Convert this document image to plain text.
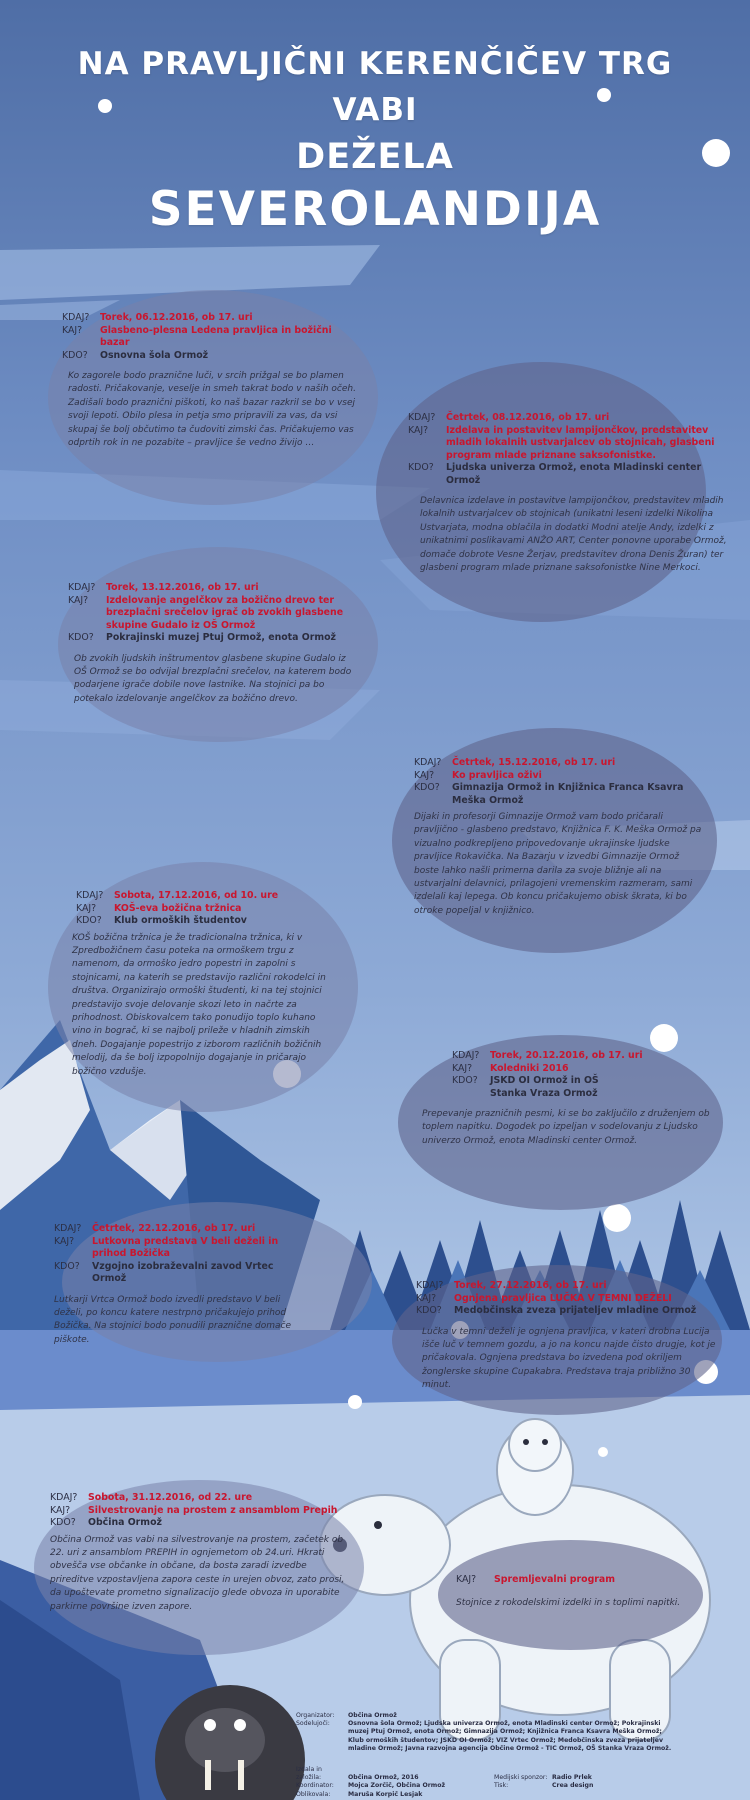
NA PRAVLJIČNI KERENČIČEV TRG
VABI
DEŽELA
SEVEROLANDIJA
KDAJ?	Torek, 06.12.2016, ob 17. uri
KAJ?	Glasbeno-plesna Ledena pravljica in božični bazar
KDO?	Osnovna šola Ormož
Ko zagorele bodo praznične luči, v srcih prižgal se bo plamen radosti. Pričakovanje, veselje in smeh takrat bodo v naših očeh. Zadišali bodo praznični piškoti, ko naš bazar razkril se bo v vsej svoji lepoti. Obilo plesa in petja smo pripravili za vas, da vsi skupaj še bolj občutimo ta čudoviti zimski čas. Pričakujemo vas odprtih rok in ne pozabite – pravljice še vedno živijo …
KDAJ?	Četrtek, 08.12.2016, ob 17. uri
KAJ?	Izdelava in postavitev lampijončkov, predstavitev mladih lokalnih ustvarjalcev ob stojnicah, glasbeni program mlade priznane saksofonistke.
KDO?	Ljudska univerza Ormož, enota Mladinski center Ormož
Delavnica izdelave in postavitve lampijončkov, predstavitev mladih lokalnih ustvarjalcev ob stojnicah (unikatni leseni izdelki Nikolina Ustvarjata, modna oblačila in dodatki Modni atelje Andy, izdelki z unikatnimi poslikavami ANŽO ART, Center ponovne uporabe Ormož, domače dobrote Vesne Žerjav, predstavitev drona Denis Žuran) ter glasbeni program mlade priznane saksofonistke Nine Merkoci.
KDAJ?	Torek, 13.12.2016, ob 17. uri
KAJ?	Izdelovanje angelčkov za božično drevo ter brezplačni srečelov igrač ob zvokih glasbene skupine Gudalo iz OŠ Ormož
KDO?	Pokrajinski muzej Ptuj Ormož, enota Ormož
Ob zvokih ljudskih inštrumentov glasbene skupine Gudalo iz OŠ Ormož se bo odvijal brezplačni srečelov, na katerem bodo podarjene igrače dobile nove lastnike. Na stojnici pa bo potekalo izdelovanje angelčkov za božično drevo.
KDAJ?	Četrtek, 15.12.2016, ob 17. uri
KAJ?	Ko pravljica oživi
KDO?	Gimnazija Ormož in Knjižnica Franca Ksavra Meška Ormož
Dijaki in profesorji Gimnazije Ormož vam bodo pričarali pravljično - glasbeno predstavo, Knjižnica F. K. Meška Ormož pa vizualno podkrepljeno pripovedovanje ukrajinske ljudske pravljice Rokavička. Na Bazarju v izvedbi Gimnazije Ormož boste lahko našli primerna darila za svoje bližnje ali na ustvarjalni delavnici, prilagojeni vremenskim razmeram, sami izdelali kaj lepega. Ob koncu pričakujemo obisk škrata, ki bo otroke popeljal v knjižnico.
KDAJ?	Sobota, 17.12.2016, od 10. ure
KAJ?	KOŠ-eva božična tržnica
KDO?	Klub ormoških študentov
KOŠ božična tržnica je že tradicionalna tržnica, ki v Zpredbožičnem času poteka na ormoškem trgu z namenom, da ormoško jedro popestri in zapolni s stojnicami, na katerih se predstavijo različni rokodelci in društva. Organizirajo ormoški študenti, ki na tej stojnici predstavijo svoje delovanje skozi leto in načrte za prihodnost. Obiskovalcem tako ponudijo toplo kuhano vino in bograč, ki se najbolj prileže v hladnih zimskih dneh. Dogajanje popestrijo z izborom različnih božičnih melodij, da še bolj izpopolnijo dogajanje in pričarajo božično vzdušje.
KDAJ?	Torek, 20.12.2016, ob 17. uri
KAJ?	Koledniki 2016
KDO?	JSKD OI Ormož in OŠ Stanka Vraza Ormož
Prepevanje prazničnih pesmi, ki se bo zaključilo z druženjem ob toplem napitku. Dogodek po izpeljan v sodelovanju z Ljudsko univerzo Ormož, enota Mladinski center Ormož.
KDAJ?	Četrtek, 22.12.2016, ob 17. uri
KAJ?	Lutkovna predstava V beli deželi in prihod Božička
KDO?	Vzgojno izobraževalni zavod Vrtec Ormož
Lutkarji Vrtca Ormož bodo izvedli predstavo V beli deželi, po koncu katere nestrpno pričakujejo prihod Božička. Na stojnici bodo ponudili praznične domače piškote.
KDAJ?	Torek, 27.12.2016, ob 17. uri
KAJ?	Ognjena pravljica LUČKA V TEMNI DEŽELI
KDO?	Medobčinska zveza prijateljev mladine Ormož
Lučka v temni deželi je ognjena pravljica, v kateri drobna Lucija išče luč v temnem gozdu, a jo na koncu najde čisto drugje, kot je pričakovala. Ognjena predstava bo izvedena pod okriljem žonglerske skupine Cupakabra. Predstava traja približno 30 minut.
KDAJ?	Sobota, 31.12.2016, od 22. ure
KAJ?	Silvestrovanje na prostem z ansamblom Prepih
KDO?	Občina Ormož
Občina Ormož vas vabi na silvestrovanje na prostem, začetek ob 22. uri z ansamblom PREPIH in ognjemetom ob 24.uri. Hkrati obvešča vse občanke in občane, da bosta zaradi izvedbe prireditve vzpostavljena zapora ceste in urejen obvoz, zato prosi, da upoštevate prometno signalizacijo glede obvoza in uporabite parkirne površine izven zapore.
KAJ?	Spremljevalni program
Stojnice z rokodelskimi izdelki in s toplimi napitki.
Organizator: Občina Ormož
Sodelujoči:	Osnovna šola Ormož; Ljudska univerza Ormož, enota Mladinski center Ormož; Pokrajinski muzej Ptuj Ormož, enota Ormož; Gimnazija Ormož; Knjižnica Franca Ksavra Meška Ormož; Klub ormoških študentov; JSKD OI Ormož; VIZ Vrtec Ormož; Medobčinska zveza prijateljev mladine Ormož; Javna razvojna agencija Občine Ormož - TIC Ormož, OŠ Stanka Vraza Ormož.
Izdala in založila:	Občina Ormož, 2016
Koordinator: Mojca Zorčič, Občina Ormož
Oblikovala:	Maruša Korpič Lesjak
Medijski sponzor: Radio Prlek
Tisk:	Crea design
